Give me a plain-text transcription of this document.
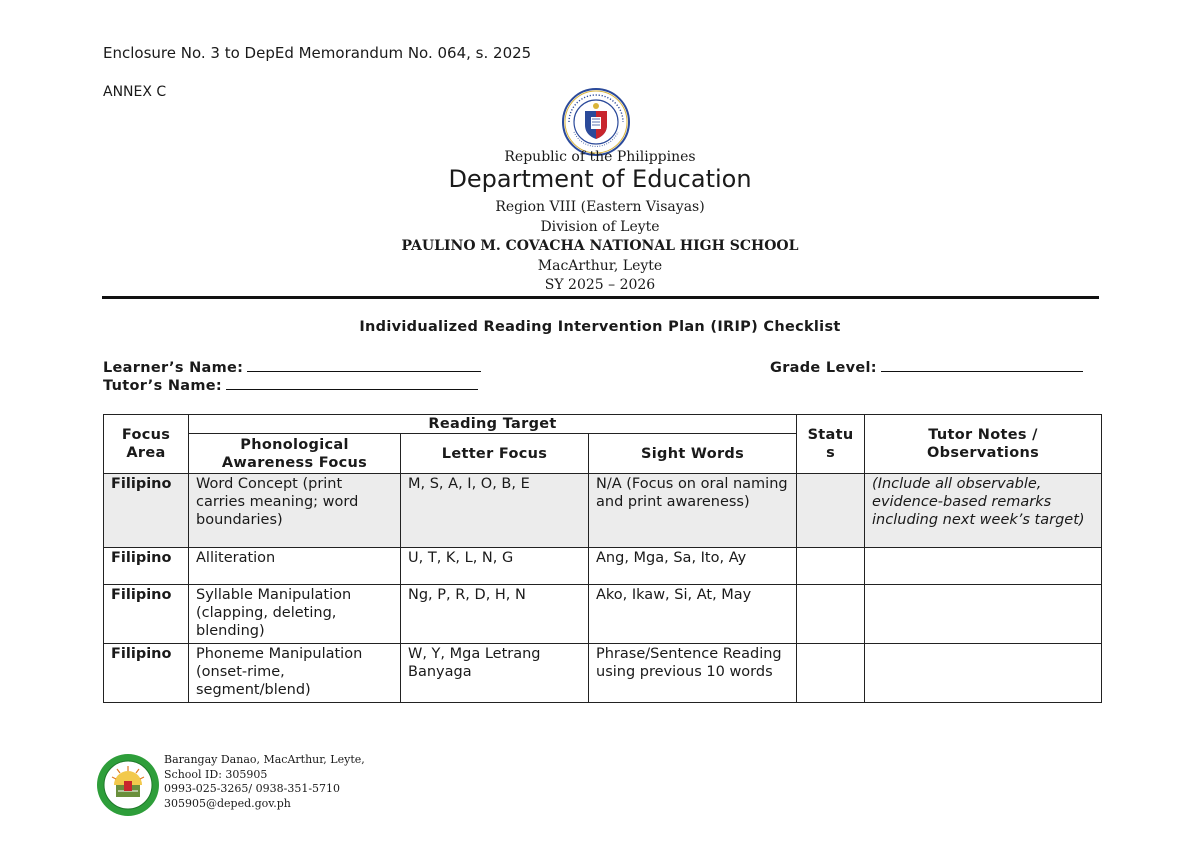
Enclosure No. 3 to DepEd Memorandum No. 064, s. 2025
ANNEX C
Republic of the Philippines
Department of Education
Region VIII (Eastern Visayas)
Division of Leyte
PAULINO M. COVACHA NATIONAL HIGH SCHOOL
MacArthur, Leyte
SY 2025 – 2026
Individualized Reading Intervention Plan (IRIP) Checklist
Learner’s Name:
Tutor’s Name:
Grade Level:
Focus Area	Reading Target			Statu s	Tutor Notes / Observations
	Phonological Awareness Focus	Letter Focus	Sight Words		
Filipino	Word Concept (print carries meaning; word boundaries)	M, S, A, I, O, B, E	N/A (Focus on oral naming and print awareness)		(Include all observable, evidence-based remarks including next week’s target)
Filipino	Alliteration	U, T, K, L, N, G	Ang, Mga, Sa, Ito, Ay		
Filipino	Syllable Manipulation (clapping, deleting, blending)	Ng, P, R, D, H, N	Ako, Ikaw, Si, At, May		
Filipino	Phoneme Manipulation (onset-rime, segment/blend)	W, Y, Mga Letrang Banyaga	Phrase/Sentence Reading using previous 10 words		
Barangay Danao, MacArthur, Leyte,
School ID: 305905
0993-025-3265/ 0938-351-5710
305905@deped.gov.ph
